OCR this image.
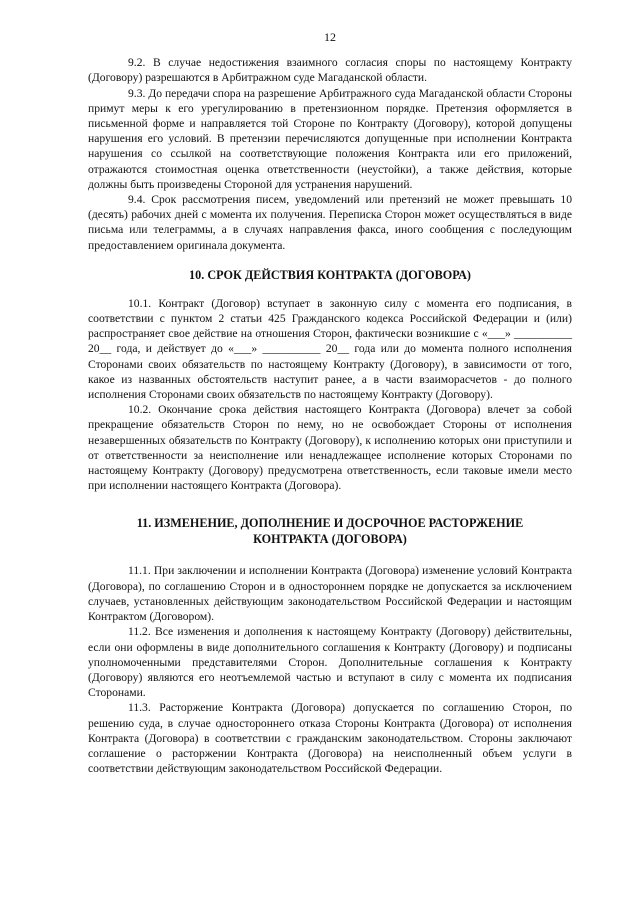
12

9.2. В случае недостижения взаимного согласия споры по настоящему Контракту (Договору) разрешаются в Арбитражном суде Магаданской области.

9.3. До передачи спора на разрешение Арбитражного суда Магаданской области Стороны примут меры к его урегулированию в претензионном порядке. Претензия оформляется в письменной форме и направляется той Стороне по Контракту (Договору), которой допущены нарушения его условий. В претензии перечисляются допущенные при исполнении Контракта нарушения со ссылкой на соответствующие положения Контракта или его приложений, отражаются стоимостная оценка ответственности (неустойки), а также действия, которые должны быть произведены Стороной для устранения нарушений.

9.4. Срок рассмотрения писем, уведомлений или претензий не может превышать 10 (десять) рабочих дней с момента их получения. Переписка Сторон может осуществляться в виде письма или телеграммы, а в случаях направления факса, иного сообщения с последующим предоставлением оригинала документа.

10. СРОК ДЕЙСТВИЯ КОНТРАКТА (ДОГОВОРА)

10.1. Контракт (Договор) вступает в законную силу с момента его подписания, в соответствии с пунктом 2 статьи 425 Гражданского кодекса Российской Федерации и (или) распространяет свое действие на отношения Сторон, фактически возникшие с «___» __________ 20__ года, и действует до «___» __________ 20__ года или до момента полного исполнения Сторонами своих обязательств по настоящему Контракту (Договору), в зависимости от того, какое из названных обстоятельств наступит ранее, а в части взаиморасчетов - до полного исполнения Сторонами своих обязательств по настоящему Контракту (Договору).

10.2. Окончание срока действия настоящего Контракта (Договора) влечет за собой прекращение обязательств Сторон по нему, но не освобождает Стороны от исполнения незавершенных обязательств по Контракту (Договору), к исполнению которых они приступили и от ответственности за неисполнение или ненадлежащее исполнение которых Сторонами по настоящему Контракту (Договору) предусмотрена ответственность, если таковые имели место при исполнении настоящего Контракта (Договора).

11. ИЗМЕНЕНИЕ, ДОПОЛНЕНИЕ И ДОСРОЧНОЕ РАСТОРЖЕНИЕ
КОНТРАКТА (ДОГОВОРА)

11.1. При заключении и исполнении Контракта (Договора) изменение условий Контракта (Договора), по соглашению Сторон и в одностороннем порядке не допускается за исключением случаев, установленных действующим законодательством Российской Федерации и настоящим Контрактом (Договором).

11.2. Все изменения и дополнения к настоящему Контракту (Договору) действительны, если они оформлены в виде дополнительного соглашения к Контракту (Договору) и подписаны уполномоченными представителями Сторон. Дополнительные соглашения к Контракту (Договору) являются его неотъемлемой частью и вступают в силу с момента их подписания Сторонами.

11.3. Расторжение Контракта (Договора) допускается по соглашению Сторон, по решению суда, в случае одностороннего отказа Стороны Контракта (Договора) от исполнения Контракта (Договора) в соответствии с гражданским законодательством. Стороны заключают соглашение о расторжении Контракта (Договора) на неисполненный объем услуги в соответствии действующим законодательством Российской Федерации.
